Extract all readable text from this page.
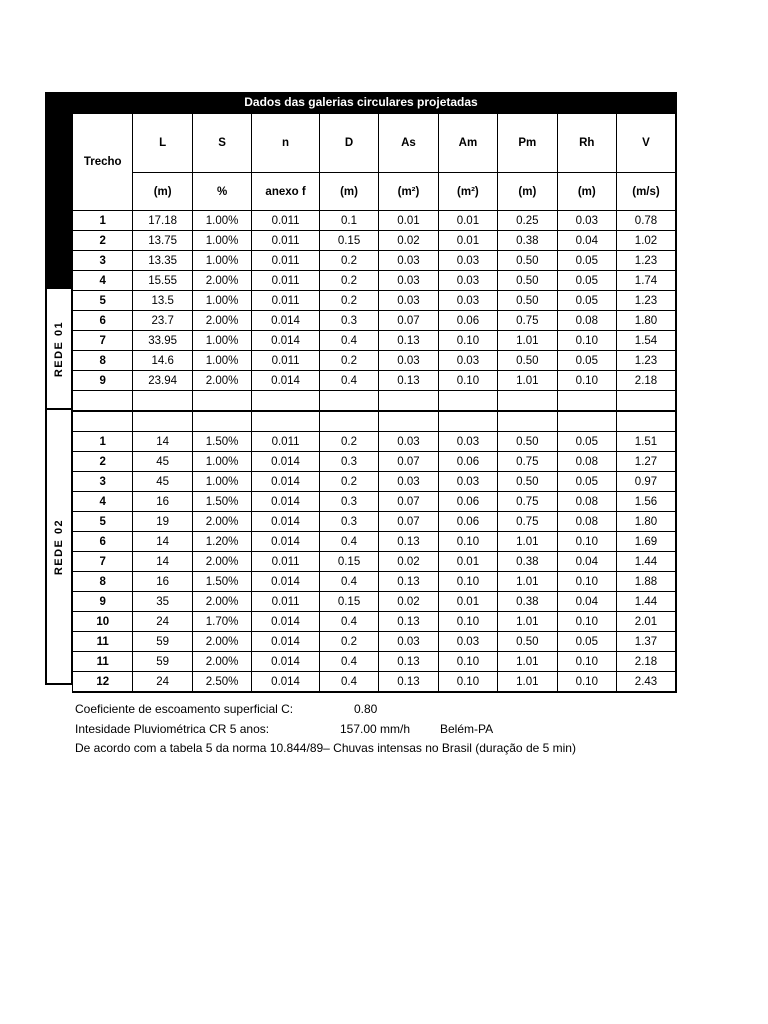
Dados das galerias circulares projetadas
REDE 01
REDE 02
Trecho	L	S	n	D	As	Am	Pm	Rh	V
	(m)	%	anexo f	(m)	(m²)	(m²)	(m)	(m)	(m/s)
1	17.18	1.00%	0.011	0.1	0.01	0.01	0.25	0.03	0.78
2	13.75	1.00%	0.011	0.15	0.02	0.01	0.38	0.04	1.02
3	13.35	1.00%	0.011	0.2	0.03	0.03	0.50	0.05	1.23
4	15.55	2.00%	0.011	0.2	0.03	0.03	0.50	0.05	1.74
5	13.5	1.00%	0.011	0.2	0.03	0.03	0.50	0.05	1.23
6	23.7	2.00%	0.014	0.3	0.07	0.06	0.75	0.08	1.80
7	33.95	1.00%	0.014	0.4	0.13	0.10	1.01	0.10	1.54
8	14.6	1.00%	0.011	0.2	0.03	0.03	0.50	0.05	1.23
9	23.94	2.00%	0.014	0.4	0.13	0.10	1.01	0.10	2.18

1	14	1.50%	0.011	0.2	0.03	0.03	0.50	0.05	1.51
2	45	1.00%	0.014	0.3	0.07	0.06	0.75	0.08	1.27
3	45	1.00%	0.014	0.2	0.03	0.03	0.50	0.05	0.97
4	16	1.50%	0.014	0.3	0.07	0.06	0.75	0.08	1.56
5	19	2.00%	0.014	0.3	0.07	0.06	0.75	0.08	1.80
6	14	1.20%	0.014	0.4	0.13	0.10	1.01	0.10	1.69
7	14	2.00%	0.011	0.15	0.02	0.01	0.38	0.04	1.44
8	16	1.50%	0.014	0.4	0.13	0.10	1.01	0.10	1.88
9	35	2.00%	0.011	0.15	0.02	0.01	0.38	0.04	1.44
10	24	1.70%	0.014	0.4	0.13	0.10	1.01	0.10	2.01
11	59	2.00%	0.014	0.2	0.03	0.03	0.50	0.05	1.37
11	59	2.00%	0.014	0.4	0.13	0.10	1.01	0.10	2.18
12	24	2.50%	0.014	0.4	0.13	0.10	1.01	0.10	2.43
Coeficiente de escoamento superficial C:	0.80
Intesidade Pluviométrica CR 5 anos:	157.00 mm/h Belém-PA
De acordo com a tabela 5 da norma 10.844/89– Chuvas intensas no Brasil (duração de 5 min)
